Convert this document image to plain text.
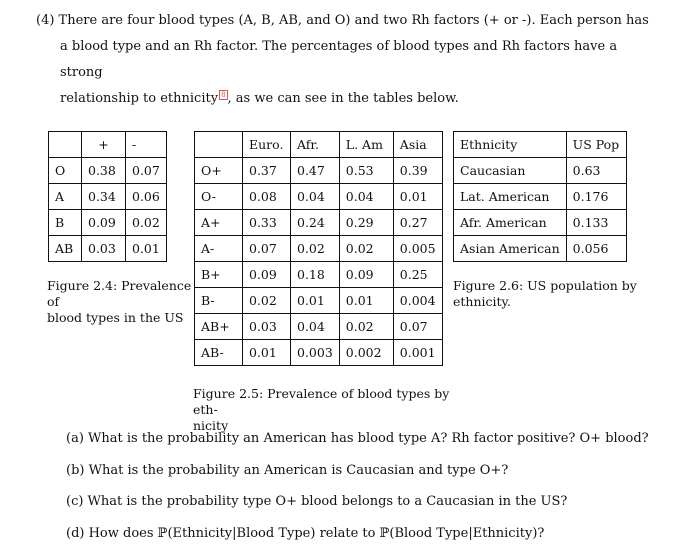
(4) There are four blood types (A, B, AB, and O) and two Rh factors (+ or -). Each person has

a blood type and an Rh factor. The percentages of blood types and Rh factors have a strong

relationship to ethnicity 8 , as we can see in the tables below.

	+	-
O	0.38	0.07
A	0.34	0.06
B	0.09	0.02
AB	0.03	0.01
Figure 2.4: Prevalence of
blood types in the US
	Euro.	Afr.	L. Am	Asia
O+	0.37	0.47	0.53	0.39
O-	0.08	0.04	0.04	0.01
A+	0.33	0.24	0.29	0.27
A-	0.07	0.02	0.02	0.005
B+	0.09	0.18	0.09	0.25
B-	0.02	0.01	0.01	0.004
AB+	0.03	0.04	0.02	0.07
AB-	0.01	0.003	0.002	0.001
Figure 2.5: Prevalence of blood types by eth-
nicity
Ethnicity	US Pop
Caucasian	0.63
Lat. American	0.176
Afr. American	0.133
Asian American	0.056
Figure 2.6: US population by
ethnicity.
(a) What is the probability an American has blood type A? Rh factor positive? O+ blood?
(b) What is the probability an American is Caucasian and type O+?
(c) What is the probability type O+ blood belongs to a Caucasian in the US?
(d) How does ℙ(Ethnicity|Blood Type) relate to ℙ(Blood Type|Ethnicity)?
